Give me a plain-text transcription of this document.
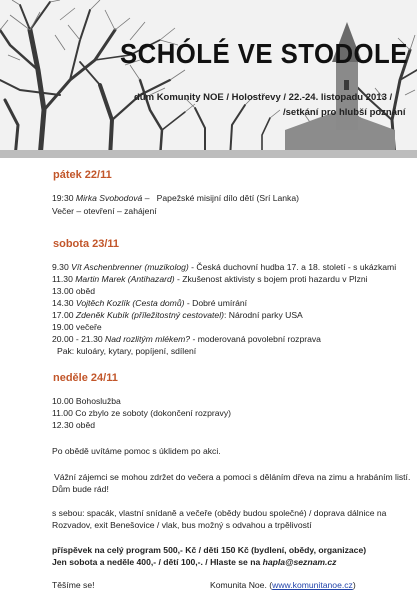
SCHÓLÉ VE STODOLE
dům Komunity NOE / Holostřevy / 22.-24. listopadu 2013 /
/setkání pro hlubší poznání
pátek 22/11
19:30 Mirka Svobodová –   Papežské misijní dílo dětí (Srí Lanka)
Večer – otevření – zahájení
sobota 23/11
9.30 Vít Aschenbrenner (muzikolog) - Česká duchovní hudba 17. a 18. století - s ukázkami
11.30 Martin Marek (Antihazard) - Zkušenost aktivisty s bojem proti hazardu v Plzni
13.00 oběd
14.30 Vojtěch Kozlík (Cesta domů) - Dobré umírání
17.00 Zdeněk Kubík (příležitostný cestovatel): Národní parky USA
19.00 večeře
20.00 - 21.30 Nad rozlitým mlékem? - moderovaná povolební rozprava
Pak: kuloáry, kytary, popíjení, sdílení
neděle 24/11
10.00 Bohoslužba
11.00 Co zbylo ze soboty (dokončení rozpravy)
12.30 oběd
Po obědě uvítáme pomoc s úklidem po akci.
Vážní zájemci se mohou zdržet do večera a pomoci s děláním dřeva na zimu a hrabáním listí.
Dům bude rád!
s sebou: spacák, vlastní snídaně a večeře (obědy budou společné) / doprava dálnice na
Rozvadov, exit Benešovice / vlak, bus možný s odvahou a trpělivostí
příspěvek na celý program 500,- Kč / děti 150 Kč (bydlení, obědy, organizace)
Jen sobota a neděle 400,- / dětí 100,-. / Hlaste se na hapla@seznam.cz
Těšíme se!	Komunita Noe. (www.komunitanoe.cz)
